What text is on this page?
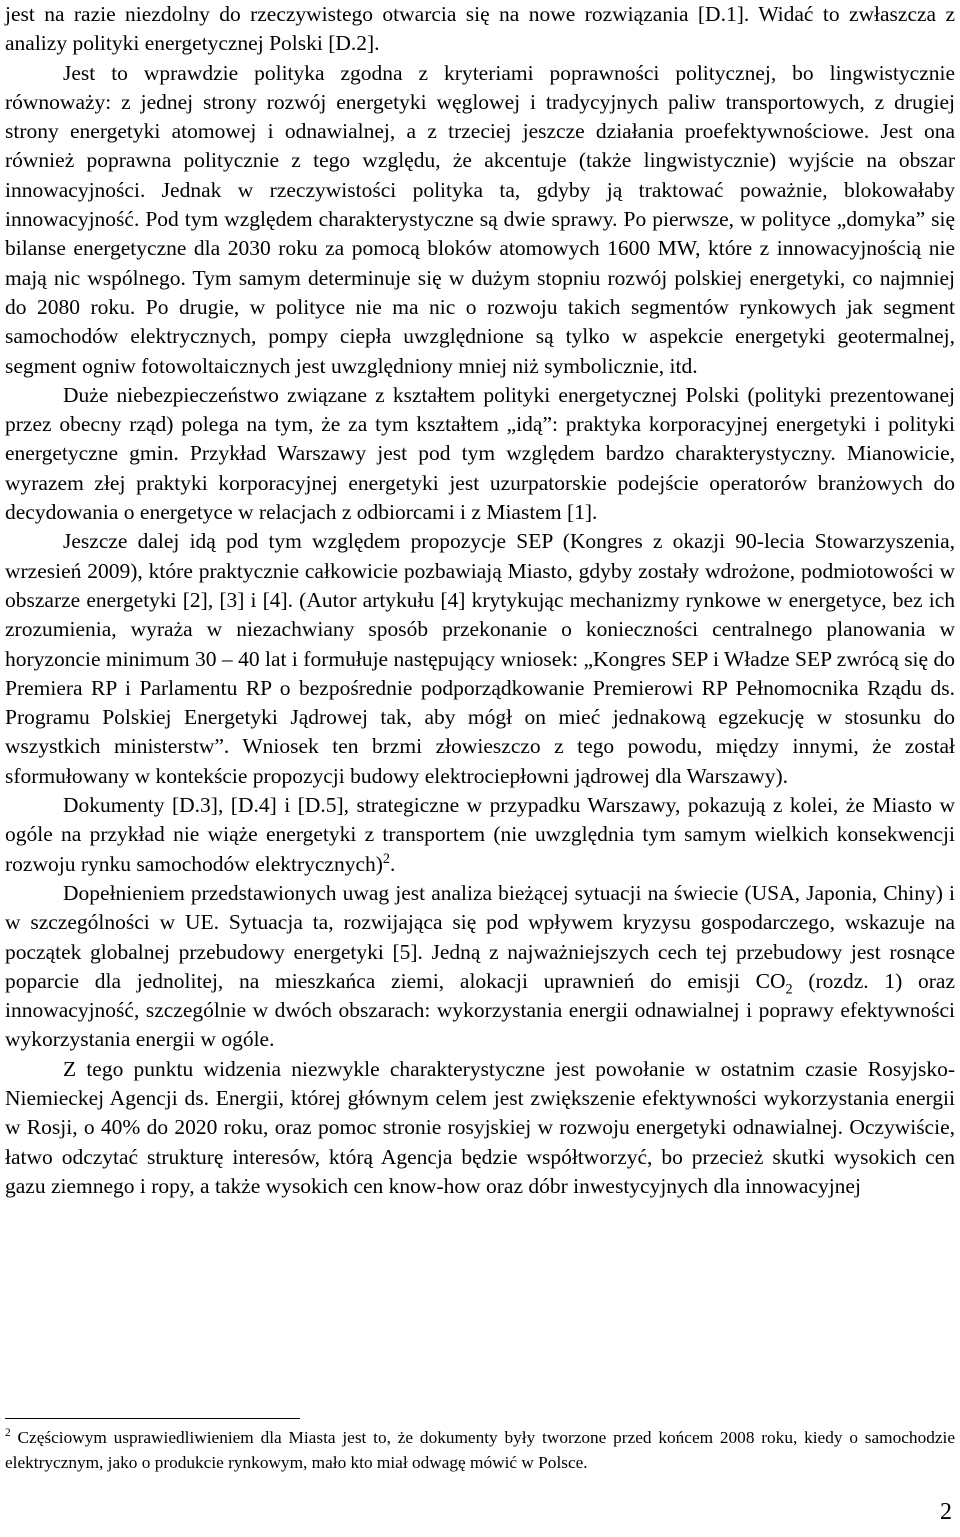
jest na razie niezdolny do rzeczywistego otwarcia się na nowe rozwiązania [D.1]. Widać to zwłaszcza z analizy polityki energetycznej Polski [D.2].

Jest to wprawdzie polityka zgodna z kryteriami poprawności politycznej, bo lingwistycznie równoważy: z jednej strony rozwój energetyki węglowej i tradycyjnych paliw transportowych, z drugiej strony energetyki atomowej i odnawialnej, a z trzeciej jeszcze działania proefektywnościowe. Jest ona również poprawna politycznie z tego względu, że akcentuje (także lingwistycznie) wyjście na obszar innowacyjności. Jednak w rzeczywistości polityka ta, gdyby ją traktować poważnie, blokowałaby innowacyjność. Pod tym względem charakterystyczne są dwie sprawy. Po pierwsze, w polityce „domyka” się bilanse energetyczne dla 2030 roku za pomocą bloków atomowych 1600 MW, które z innowacyjnością nie mają nic wspólnego. Tym samym determinuje się w dużym stopniu rozwój polskiej energetyki, co najmniej do 2080 roku. Po drugie, w polityce nie ma nic o rozwoju takich segmentów rynkowych jak segment samochodów elektrycznych, pompy ciepła uwzględnione są tylko w aspekcie energetyki geotermalnej, segment ogniw fotowoltaicznych jest uwzględniony mniej niż symbolicznie, itd.

Duże niebezpieczeństwo związane z kształtem polityki energetycznej Polski (polityki prezentowanej przez obecny rząd) polega na tym, że za tym kształtem „idą”: praktyka korporacyjnej energetyki i polityki energetyczne gmin. Przykład Warszawy jest pod tym względem bardzo charakterystyczny. Mianowicie, wyrazem złej praktyki korporacyjnej energetyki jest uzurpatorskie podejście operatorów branżowych do decydowania o energetyce w relacjach z odbiorcami i z Miastem [1].

Jeszcze dalej idą pod tym względem propozycje SEP (Kongres z okazji 90-lecia Stowarzyszenia, wrzesień 2009), które praktycznie całkowicie pozbawiają Miasto, gdyby zostały wdrożone, podmiotowości w obszarze energetyki [2], [3] i [4]. (Autor artykułu [4] krytykując mechanizmy rynkowe w energetyce, bez ich zrozumienia, wyraża w niezachwiany sposób przekonanie o konieczności centralnego planowania w horyzoncie minimum 30 – 40 lat i formułuje następujący wniosek: „Kongres SEP i Władze SEP zwrócą się do Premiera RP i Parlamentu RP o bezpośrednie podporządkowanie Premierowi RP Pełnomocnika Rządu ds. Programu Polskiej Energetyki Jądrowej tak, aby mógł on mieć jednakową egzekucję w stosunku do wszystkich ministerstw”. Wniosek ten brzmi złowieszczo z tego powodu, między innymi, że został sformułowany w kontekście propozycji budowy elektrociepłowni jądrowej dla Warszawy).

Dokumenty [D.3], [D.4] i [D.5], strategiczne w przypadku Warszawy, pokazują z kolei, że Miasto w ogóle na przykład nie wiąże energetyki z transportem (nie uwzględnia tym samym wielkich konsekwencji rozwoju rynku samochodów elektrycznych)$^2$.

Dopełnieniem przedstawionych uwag jest analiza bieżącej sytuacji na świecie (USA, Japonia, Chiny) i w szczególności w UE. Sytuacja ta, rozwijająca się pod wpływem kryzysu gospodarczego, wskazuje na początek globalnej przebudowy energetyki [5]. Jedną z najważniejszych cech tej przebudowy jest rosnące poparcie dla jednolitej, na mieszkańca ziemi, alokacji uprawnień do emisji $CO_2$ (rozdz. 1) oraz innowacyjność, szczególnie w dwóch obszarach: wykorzystania energii odnawialnej i poprawy efektywności wykorzystania energii w ogóle.

Z tego punktu widzenia niezwykle charakterystyczne jest powołanie w ostatnim czasie Rosyjsko-Niemieckej Agencji ds. Energii, której głównym celem jest zwiększenie efektywności wykorzystania energii w Rosji, o 40% do 2020 roku, oraz pomoc stronie rosyjskiej w rozwoju energetyki odnawialnej. Oczywiście, łatwo odczytać strukturę interesów, którą Agencja będzie współtworzyć, bo przecież skutki wysokich cen gazu ziemnego i ropy, a także wysokich cen know-how oraz dóbr inwestycyjnych dla innowacyjnej

$^2$ Częściowym usprawiedliwieniem dla Miasta jest to, że dokumenty były tworzone przed końcem 2008 roku, kiedy o samochodzie elektrycznym, jako o produkcie rynkowym, mało kto miał odwagę mówić w Polsce.

2
